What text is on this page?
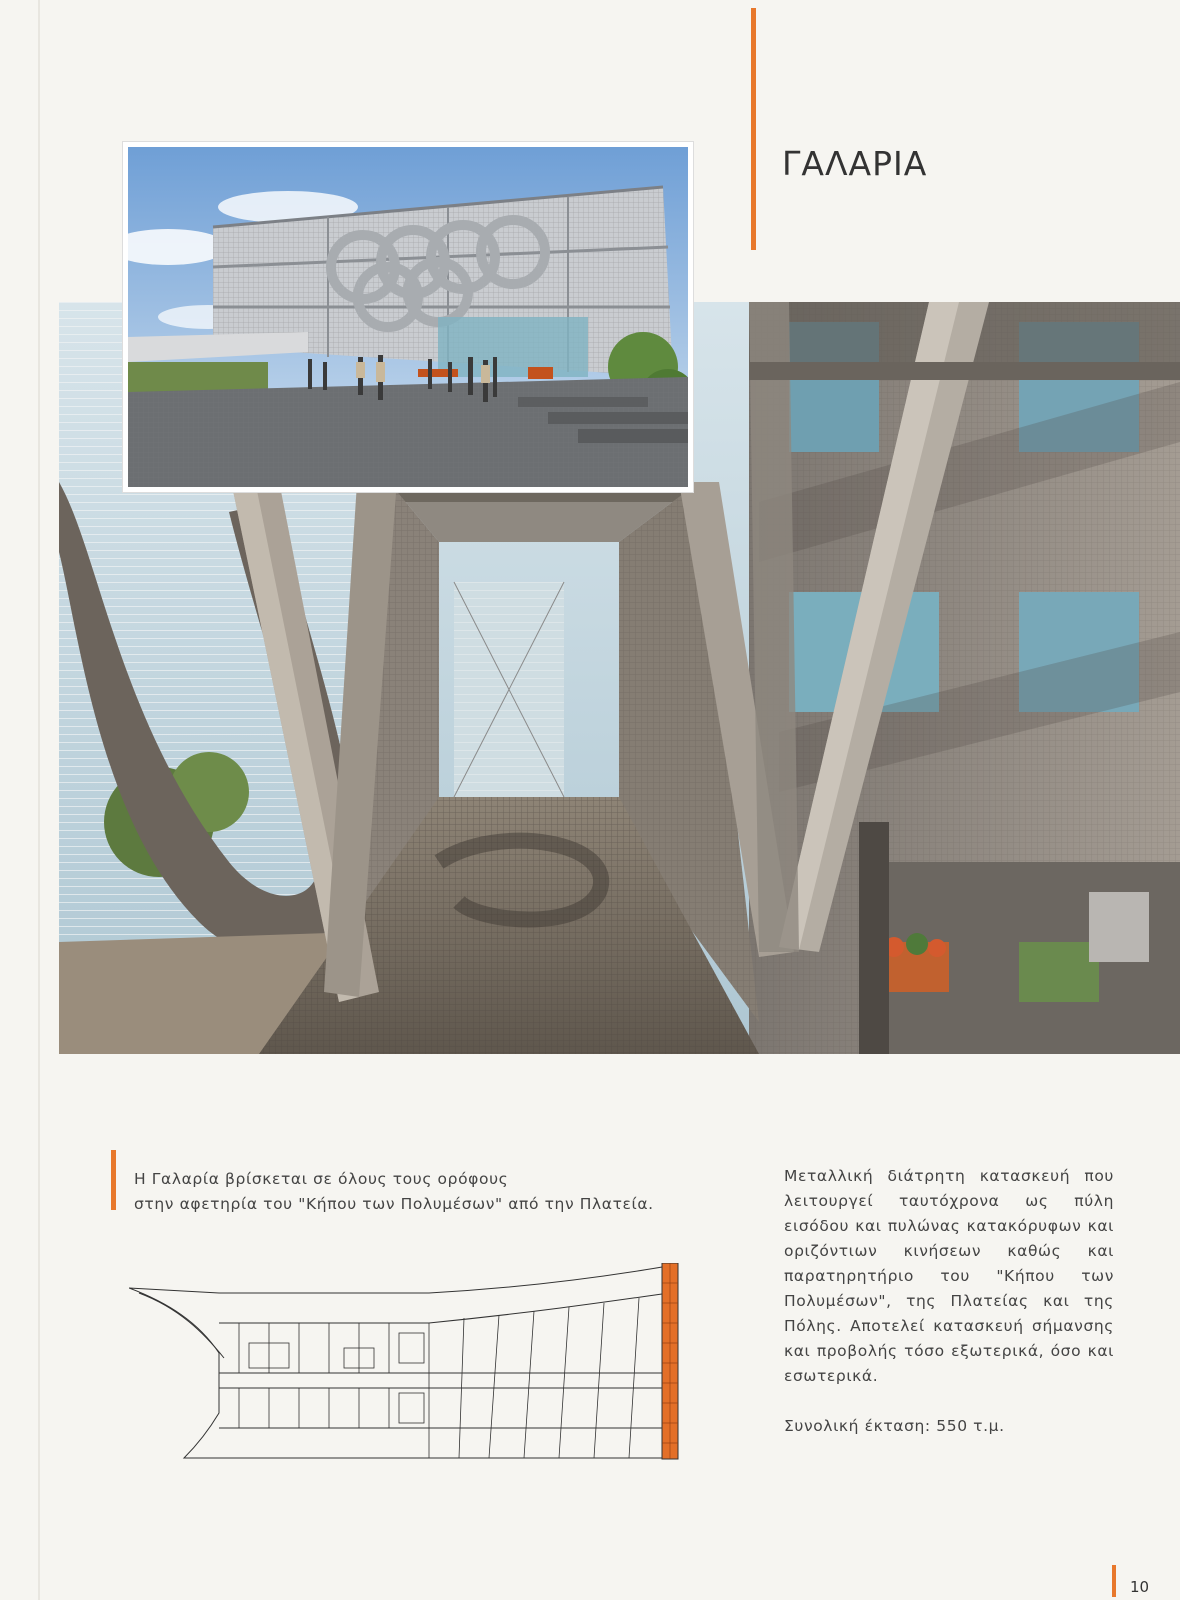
ΓΑΛΑΡΙΑ
Η Γαλαρία βρίσκεται σε όλους τους ορόφους
στην αφετηρία του "Κήπου των Πολυμέσων" από την Πλατεία.
Μεταλλική διάτρητη κατασκευή που λειτουργεί ταυτόχρονα ως πύλη εισόδου και πυλώνας κατακόρυφων και οριζόντιων κινήσεων καθώς και παρατηρητήριο του "Κήπου των Πολυμέσων", της Πλατείας και της Πόλης. Αποτελεί κατασκευή σήμανσης και προβολής τόσο εξωτερικά, όσο και εσωτερικά.
Συνολική έκταση: 550 τ.μ.
10
